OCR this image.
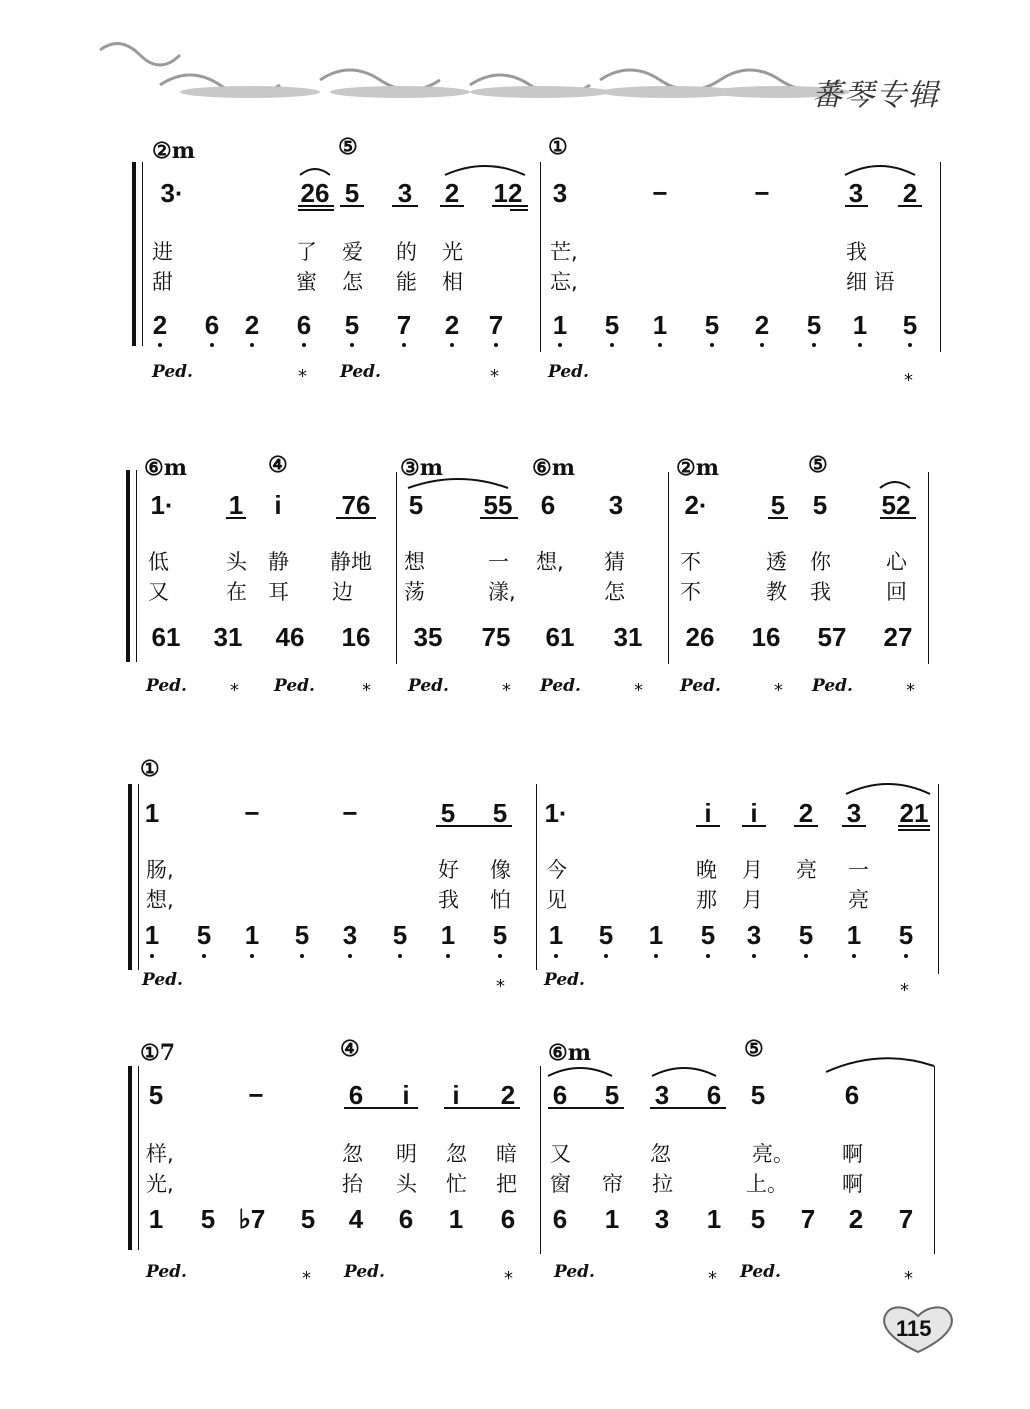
蕃琴专辑
②m	⑤	①
3·	26 5	3	2	12	3	−	−	3	2
进	了 爱 的 光	芒,	我
甜	蜜 怎 能 相	忘,	细 语
2	6 2	6	5	7	2	7	1	5	1	5	2	5	1	5
Ped.	* Ped.	*	Ped.	*
⑥m	④	③m	⑥m	②m	⑤
1·	1	i	76	5	55	6	3	2·	5	5	52
低	头 静 静地 想	一 想, 猜	不	透 你	心
又	在 耳 边 荡	漾,	怎	不	教 我	回
61 31 46 16 35 75 61 31 26 16 57 27
Ped. * Ped.	* Ped.	* Ped.	* Ped.	* Ped.	*
①
1	−	−	5	5	1·	i	i	2	3	21
肠,	好 像 今	晚 月 亮 一
想,	我 怕 见	那 月	亮
1	5	1	5	3	5	1	5	1	5	1	5	3	5	1	5
Ped.	* Ped.	*
①7	④	⑥m	⑤
5	−	6	i	i	2	6	5	3	6	5	6
样,	忽 明 忽 暗 又	忽	亮。 啊
光,	抬 头 忙 把 窗 帘 拉	上。	啊
1	5 ♭7	5	4	6	1	6	6	1	3	1	5	7	2	7
Ped.	* Ped.	* Ped.	* Ped.	*
115
